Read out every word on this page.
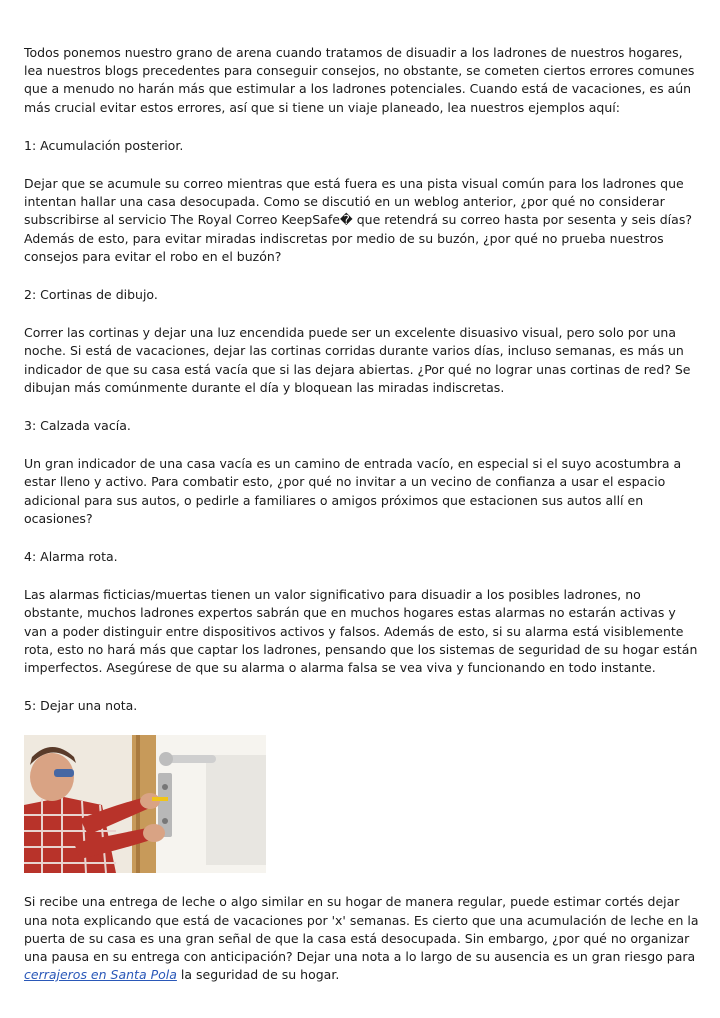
Todos ponemos nuestro grano de arena cuando tratamos de disuadir a los ladrones de nuestros hogares, lea nuestros blogs precedentes para conseguir consejos, no obstante, se cometen ciertos errores comunes que a menudo no harán más que estimular a los ladrones potenciales. Cuando está de vacaciones, es aún más crucial evitar estos errores, así que si tiene un viaje planeado, lea nuestros ejemplos aquí:

1: Acumulación posterior.

Dejar que se acumule su correo mientras que está fuera es una pista visual común para los ladrones que intentan hallar una casa desocupada. Como se discutió en un weblog anterior, ¿por qué no considerar subscribirse al servicio The Royal Correo KeepSafe� que retendrá su correo hasta por sesenta y seis días? Además de esto, para evitar miradas indiscretas por medio de su buzón, ¿por qué no prueba nuestros consejos para evitar el robo en el buzón?

2: Cortinas de dibujo.

Correr las cortinas y dejar una luz encendida puede ser un excelente disuasivo visual, pero solo por una noche. Si está de vacaciones, dejar las cortinas corridas durante varios días, incluso semanas, es más un indicador de que su casa está vacía que si las dejara abiertas. ¿Por qué no lograr unas cortinas de red? Se dibujan más comúnmente durante el día y bloquean las miradas indiscretas.

3: Calzada vacía.

Un gran indicador de una casa vacía es un camino de entrada vacío, en especial si el suyo acostumbra a estar lleno y activo. Para combatir esto, ¿por qué no invitar a un vecino de confianza a usar el espacio adicional para sus autos, o pedirle a familiares o amigos próximos que estacionen sus autos allí en ocasiones?

4: Alarma rota.

Las alarmas ficticias/muertas tienen un valor significativo para disuadir a los posibles ladrones, no obstante, muchos ladrones expertos sabrán que en muchos hogares estas alarmas no estarán activas y van a poder distinguir entre dispositivos activos y falsos. Además de esto, si su alarma está visiblemente rota, esto no hará más que captar los ladrones, pensando que los sistemas de seguridad de su hogar están imperfectos. Asegúrese de que su alarma o alarma falsa se vea viva y funcionando en todo instante.

5: Dejar una nota.

Si recibe una entrega de leche o algo similar en su hogar de manera regular, puede estimar cortés dejar una nota explicando que está de vacaciones por 'x' semanas. Es cierto que una acumulación de leche en la puerta de su casa es una gran señal de que la casa está desocupada. Sin embargo, ¿por qué no organizar una pausa en su entrega con anticipación? Dejar una nota a lo largo de su ausencia es un gran riesgo para cerrajeros en Santa Pola la seguridad de su hogar.
